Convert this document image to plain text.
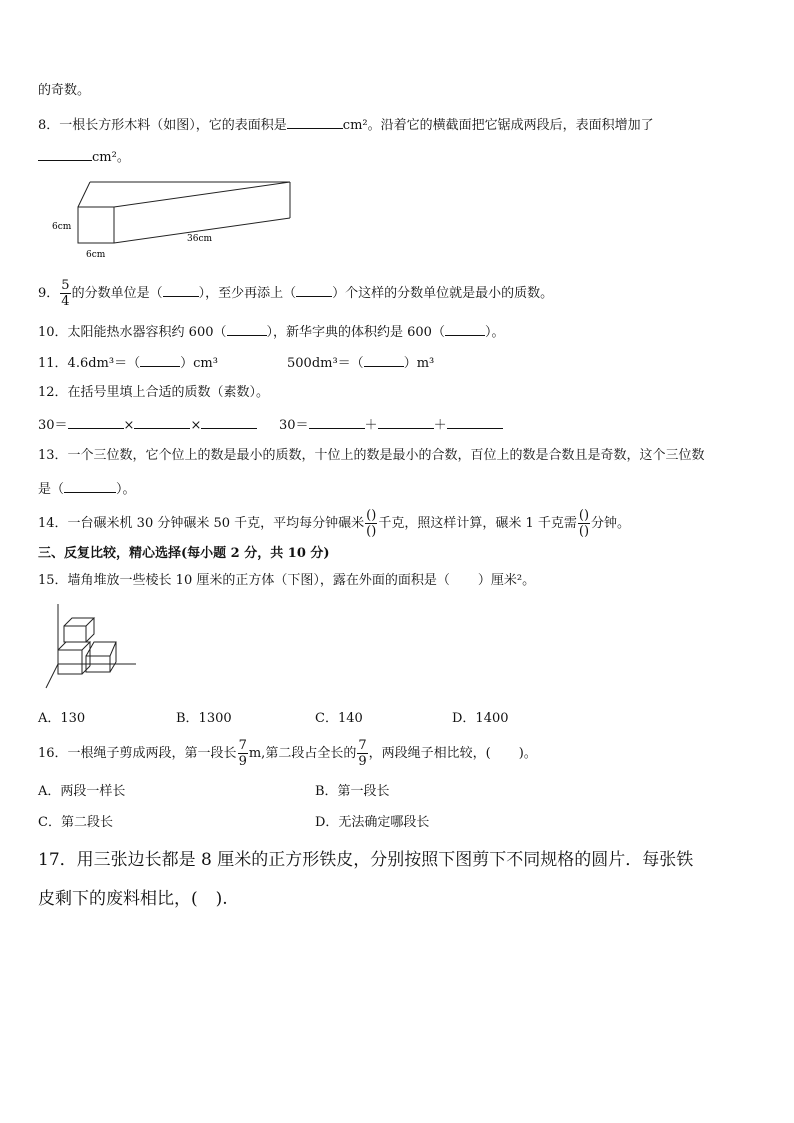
的奇数。
8．一根长方形木料（如图），它的表面积是	cm²。沿着它的横截面把它锯成两段后，表面积增加了
cm²。
6cm
6cm
36cm
9． $\frac{5}{4}$ 的分数单位是（	），至少再添上（	）个这样的分数单位就是最小的质数。
10．太阳能热水器容积约 600（	），新华字典的体积约是 600（	）。
11．4.6dm³＝（	）cm³	500dm³＝（	）m³
12．在括号里填上合适的质数（素数）。
30＝	×	×	30＝	＋	＋
13．一个三位数，它个位上的数是最小的质数，十位上的数是最小的合数，百位上的数是合数且是奇数，这个三位数
是（	）。
14．一台碾米机 30 分钟碾米 50 千克，平均每分钟碾米 $\frac{()}{()}$ 千克，照这样计算，碾米 1 千克需 $\frac{()}{()}$ 分钟。
三、反复比较，精心选择(每小题 2 分，共 10 分)
15．墙角堆放一些棱长 10 厘米的正方体（下图），露在外面的面积是（ ）厘米²。
A．130	B．1300	C．140	D．1400
16．一根绳子剪成两段，第一段长 $\frac{7}{9} m$,第二段占全长的 $\frac{7}{9}$ ，两段绳子相比较，( )。
A．两段一样长	B．第一段长
C．第二段长	D．无法确定哪段长
17．用三张边长都是 8 厘米的正方形铁皮，分别按照下图剪下不同规格的圆片．每张铁
皮剩下的废料相比，( ).
